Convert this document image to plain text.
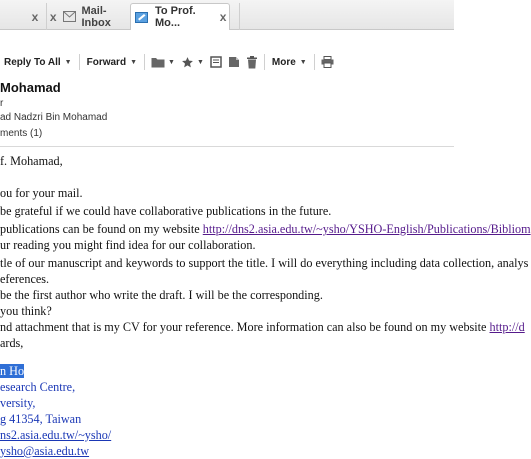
x x Mail-Inbox
To Prof. Mo...	x
Reply To All ▼ Forward ▼	▼	▼	More ▼
Mohamad
r
ad Nadzri Bin Mohamad
ments (1)
f. Mohamad,
ou for your mail.
be grateful if we could have collaborative publications in the future.
publications can be found on my website http://dns2.asia.edu.tw/~ysho/YSHO-English/Publications/Bibliom
ur reading you might find idea for our collaboration.
tle of our manuscript and keywords to support the title. I will do everything including data collection, analys
eferences.
be the first author who write the draft. I will be the corresponding.
you think?
nd attachment that is my CV for your reference. More information can also be found on my website http://d
ards,
n Ho
esearch Centre,
versity,
g 41354, Taiwan
ns2.asia.edu.tw/~ysho/
ysho@asia.edu.tw
